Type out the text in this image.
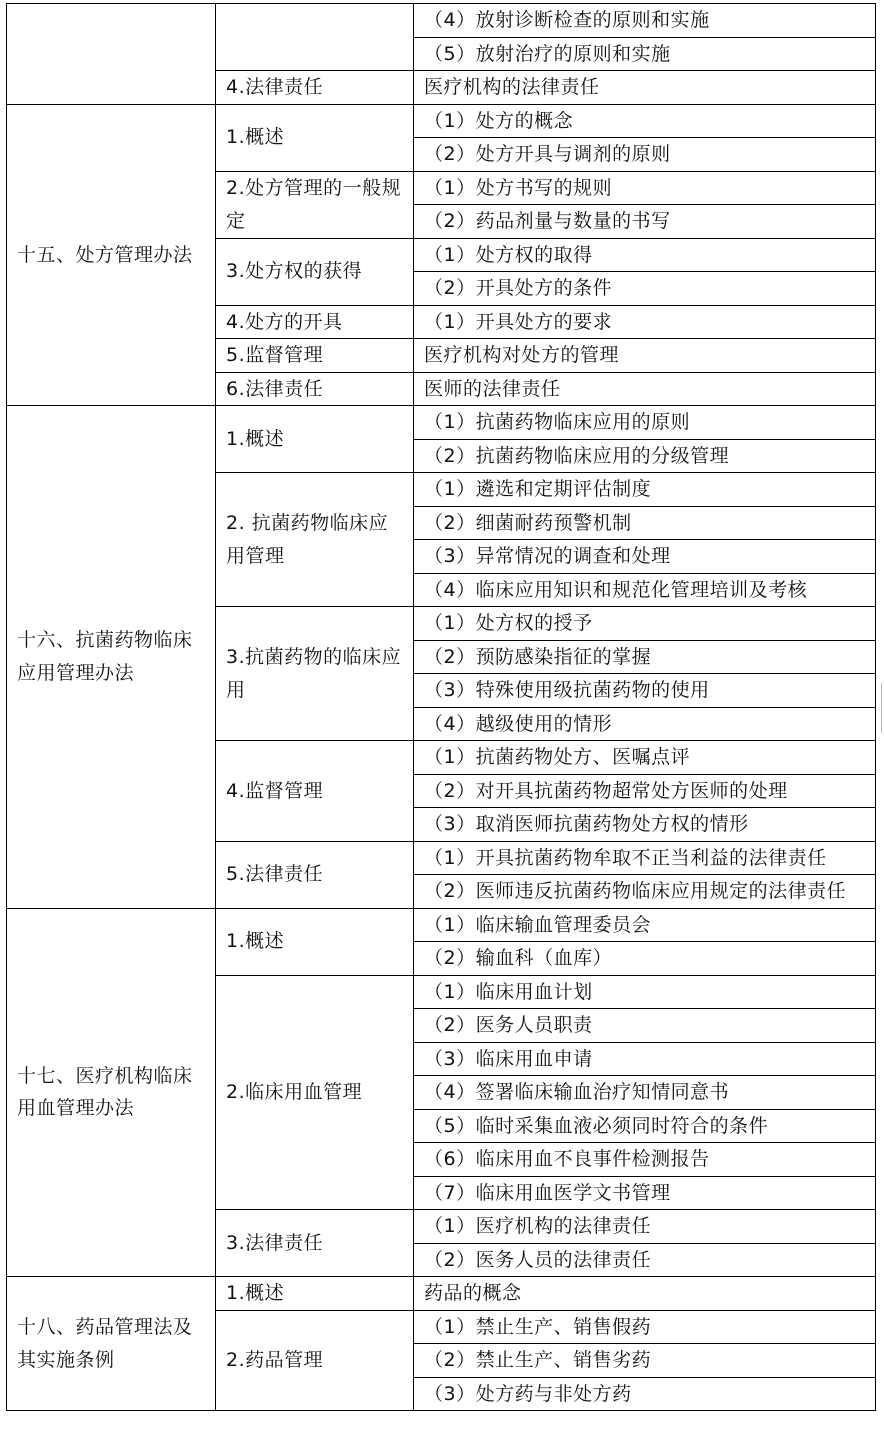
		（4）放射诊断检查的原则和实施
		（5）放射治疗的原则和实施
	4.法律责任	医疗机构的法律责任
十五、处方管理办法	1.概述	（1）处方的概念
		（2）处方开具与调剂的原则
	2.处方管理的一般规定	（1）处方书写的规则
		（2）药品剂量与数量的书写
	3.处方权的获得	（1）处方权的取得
		（2）开具处方的条件
	4.处方的开具	（1）开具处方的要求
	5.监督管理	医疗机构对处方的管理
	6.法律责任	医师的法律责任
十六、抗菌药物临床应用管理办法	1.概述	（1）抗菌药物临床应用的原则
		（2）抗菌药物临床应用的分级管理
	2. 抗菌药物临床应用管理	（1）遴选和定期评估制度
		（2）细菌耐药预警机制
		（3）异常情况的调查和处理
		（4）临床应用知识和规范化管理培训及考核
	3.抗菌药物的临床应用	（1）处方权的授予
		（2）预防感染指征的掌握
		（3）特殊使用级抗菌药物的使用
		（4）越级使用的情形
	4.监督管理	（1）抗菌药物处方、医嘱点评
		（2）对开具抗菌药物超常处方医师的处理
		（3）取消医师抗菌药物处方权的情形
	5.法律责任	（1）开具抗菌药物牟取不正当利益的法律责任
		（2）医师违反抗菌药物临床应用规定的法律责任
十七、医疗机构临床用血管理办法	1.概述	（1）临床输血管理委员会
		（2）输血科（血库）
	2.临床用血管理	（1）临床用血计划
		（2）医务人员职责
		（3）临床用血申请
		（4）签署临床输血治疗知情同意书
		（5）临时采集血液必须同时符合的条件
		（6）临床用血不良事件检测报告
		（7）临床用血医学文书管理
	3.法律责任	（1）医疗机构的法律责任
		（2）医务人员的法律责任
十八、药品管理法及其实施条例	1.概述	药品的概念
	2.药品管理	（1）禁止生产、销售假药
		（2）禁止生产、销售劣药
		（3）处方药与非处方药
